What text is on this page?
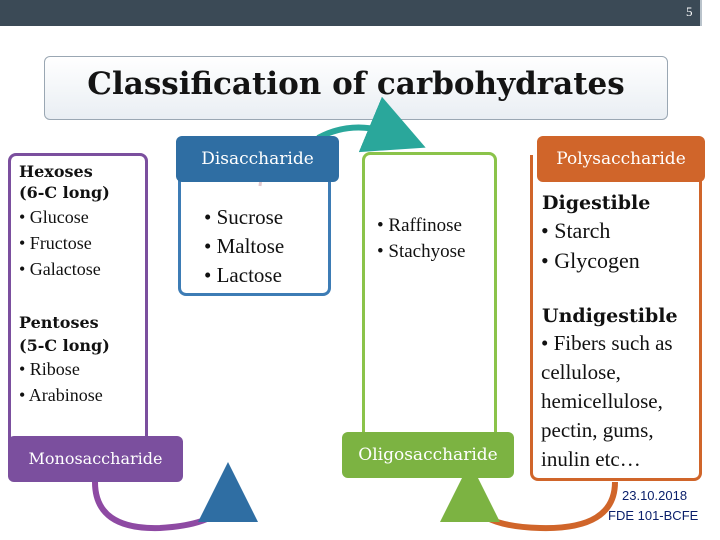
5
Classification of carbohydrates
Monosaccharide
Hexoses
(6-C long)
• Glucose
• Fructose
• Galactose
Pentoses
(5-C long)
• Ribose
• Arabinose
Disaccharide
• Sucrose
• Maltose
• Lactose
Oligosaccharide
• Raffinose
• Stachyose
Polysaccharide
Digestible
• Starch
• Glycogen
Undigestible
• Fibers such as
cellulose,
hemicellulose,
pectin, gums,
inulin etc…
23.10.2018
FDE 101-BCFE
